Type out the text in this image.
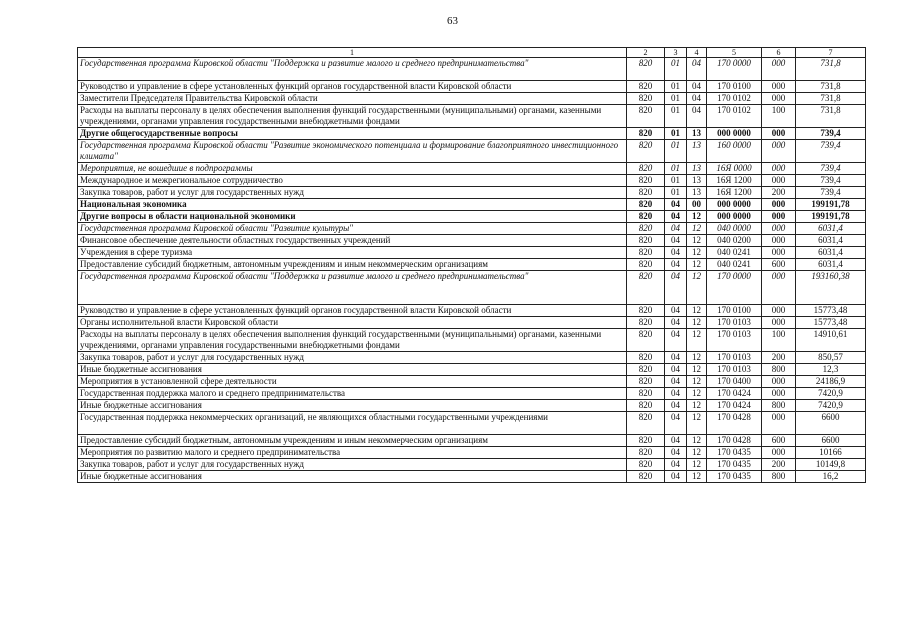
63
1	2	3	4	5	6	7
Государственная программа Кировской области "Поддержка и развитие малого и среднего предпринимательства"	820	01	04	170 0000	000	731,8
Руководство и управление в сфере установленных функций органов государственной власти Кировской области	820	01	04	170 0100	000	731,8
Заместители Председателя Правительства Кировской области	820	01	04	170 0102	000	731,8
Расходы на выплаты персоналу в целях обеспечения выполнения функций государственными (муниципальными) органами, казенными учреждениями, органами управления государственными внебюджетными фондами	820	01	04	170 0102	100	731,8
Другие общегосударственные вопросы	820	01	13	000 0000	000	739,4
Государственная программа Кировской области "Развитие экономического потенциала и формирование благоприятного инвестиционного климата"	820	01	13	160 0000	000	739,4
Мероприятия, не вошедшие в подпрограммы	820	01	13	16Я 0000	000	739,4
Международное и межрегиональное сотрудничество	820	01	13	16Я 1200	000	739,4
Закупка товаров, работ и услуг для государственных нужд	820	01	13	16Я 1200	200	739,4
Национальная экономика	820	04	00	000 0000	000	199191,78
Другие вопросы в области национальной экономики	820	04	12	000 0000	000	199191,78
Государственная программа Кировской области "Развитие культуры"	820	04	12	040 0000	000	6031,4
Финансовое обеспечение деятельности областных государственных учреждений	820	04	12	040 0200	000	6031,4
Учреждения в сфере туризма	820	04	12	040 0241	000	6031,4
Предоставление субсидий бюджетным, автономным учреждениям и иным некоммерческим организациям	820	04	12	040 0241	600	6031,4
Государственная программа Кировской области "Поддержка и развитие малого и среднего предпринимательства"	820	04	12	170 0000	000	193160,38
Руководство и управление в сфере установленных функций органов государственной власти Кировской области	820	04	12	170 0100	000	15773,48
Органы исполнительной власти Кировской области	820	04	12	170 0103	000	15773,48
Расходы на выплаты персоналу в целях обеспечения выполнения функций государственными (муниципальными) органами, казенными учреждениями, органами управления государственными внебюджетными фондами	820	04	12	170 0103	100	14910,61
Закупка товаров, работ и услуг для государственных нужд	820	04	12	170 0103	200	850,57
Иные бюджетные ассигнования	820	04	12	170 0103	800	12,3
Мероприятия в установленной сфере деятельности	820	04	12	170 0400	000	24186,9
Государственная поддержка малого и среднего предпринимательства	820	04	12	170 0424	000	7420,9
Иные бюджетные ассигнования	820	04	12	170 0424	800	7420,9
Государственная поддержка некоммерческих организаций, не являющихся областными государственными учреждениями	820	04	12	170 0428	000	6600
Предоставление субсидий бюджетным, автономным учреждениям и иным некоммерческим организациям	820	04	12	170 0428	600	6600
Мероприятия по развитию малого и среднего предпринимательства	820	04	12	170 0435	000	10166
Закупка товаров, работ и услуг для государственных нужд	820	04	12	170 0435	200	10149,8
Иные бюджетные ассигнования	820	04	12	170 0435	800	16,2
